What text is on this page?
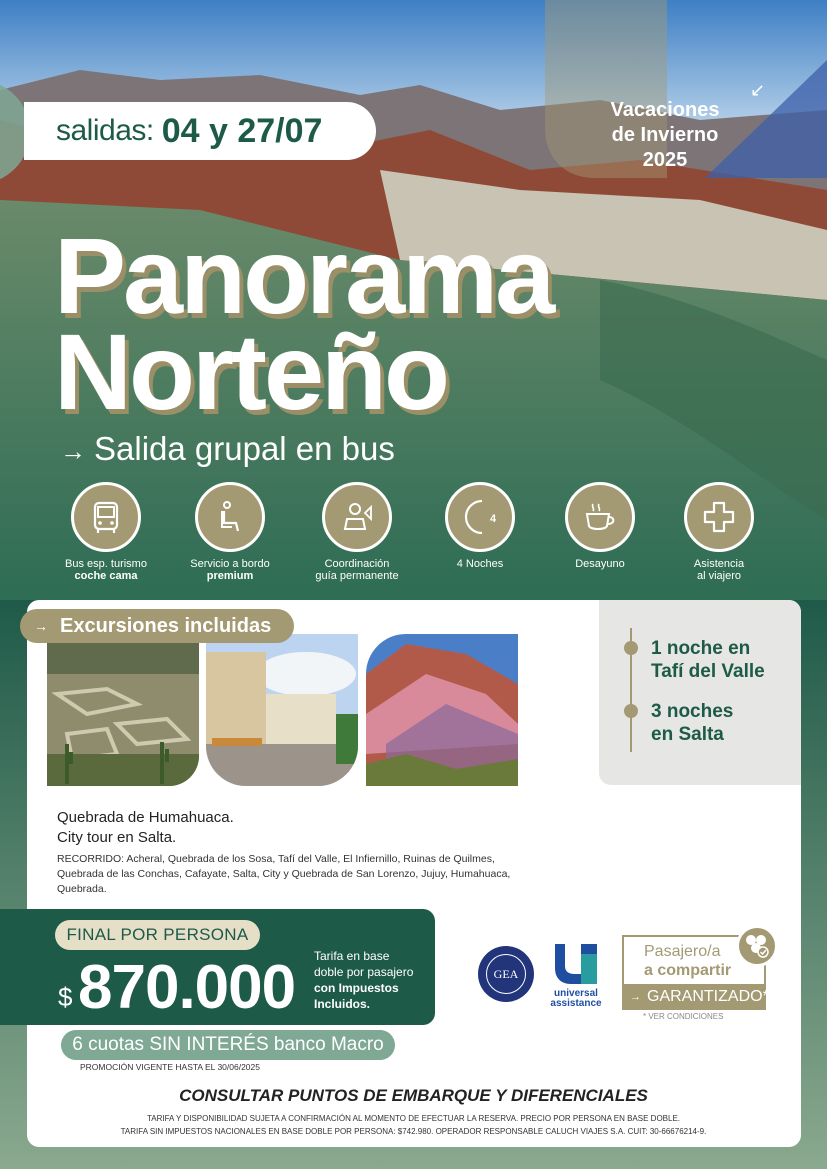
salidas: 04 y 27/07
Vacaciones
de Invierno
2025
↙
Panorama
Norteño
→ Salida grupal en bus
Bus esp. turismo
coche cama
Servicio a bordo
premium
Coordinación
guía permanente
4
4 Noches	Desayuno	Asistencia
al viajero
1 noche en
Tafí del Valle
3 noches
en Salta
→ Excursiones incluidas
Quebrada de Humahuaca.
City tour en Salta.
RECORRIDO: Acheral, Quebrada de los Sosa, Tafí del Valle, El Infiernillo, Ruinas de Quilmes, Quebrada de las Conchas, Cafayate, Salta, City y Quebrada de San Lorenzo, Jujuy, Humahuaca, Quebrada.
FINAL POR PERSONA
$ 870.000 Tarifa en base
doble por pasajero
con Impuestos
Incluidos.
6 cuotas SIN INTERÉS banco Macro
PROMOCIÓN VIGENTE HASTA EL 30/06/2025
GEA
universal
assistance
Pasajero/a
a compartir
→ GARANTIZADO*
* VER CONDICIONES
CONSULTAR PUNTOS DE EMBARQUE Y DIFERENCIALES
TARIFA Y DISPONIBILIDAD SUJETA A CONFIRMACIÓN AL MOMENTO DE EFECTUAR LA RESERVA. PRECIO POR PERSONA EN BASE DOBLE.
TARIFA SIN IMPUESTOS NACIONALES EN BASE DOBLE POR PERSONA: $742.980. OPERADOR RESPONSABLE CALUCH VIAJES S.A. CUIT: 30-66676214-9.
